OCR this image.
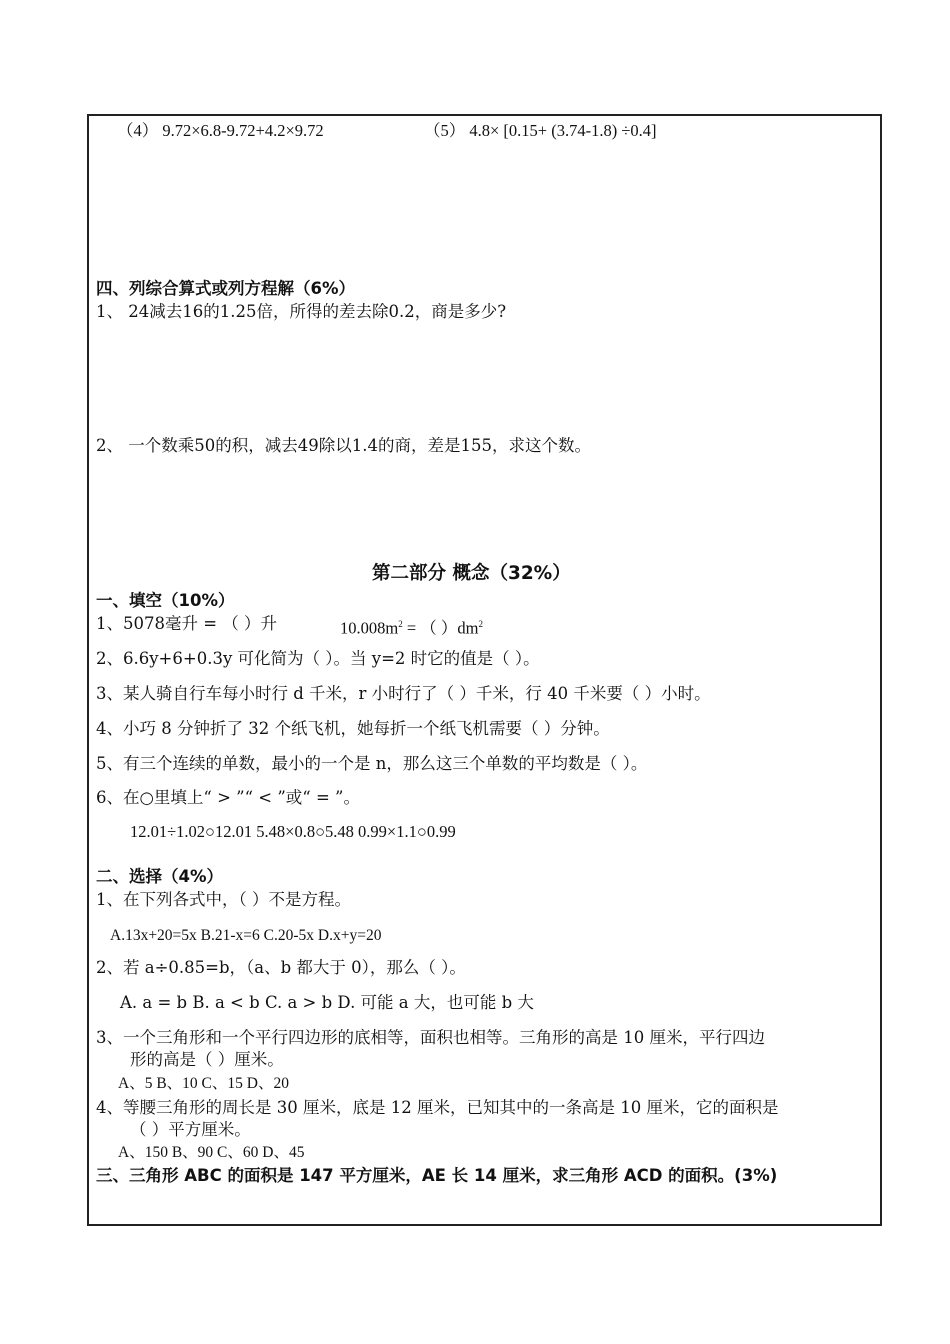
（4） 9.72×6.8-9.72+4.2×9.72	（5） 4.8× [0.15+ (3.74-1.8) ÷0.4]
四、列综合算式或列方程解（6%）
1、 24减去16的1.25倍，所得的差去除0.2，商是多少?
2、 一个数乘50的积，减去49除以1.4的商，差是155，求这个数。
第二部分 概念（32%）
一、填空（10%）
1、5078毫升 = （ ）升	$10.008m^2$ = （ ）$dm^2$
2、6.6y+6+0.3y 可化简为（ ）。当 y=2 时它的值是（ ）。
3、某人骑自行车每小时行 d 千米，r 小时行了（ ）千米，行 40 千米要（ ）小时。
4、小巧 8 分钟折了 32 个纸飞机，她每折一个纸飞机需要（ ）分钟。
5、有三个连续的单数，最小的一个是 n，那么这三个单数的平均数是（ ）。
6、在○里填上“ > ”“ < ”或“ = ”。
12.01÷1.02○12.01 5.48×0.8○5.48 0.99×1.1○0.99
二、选择（4%）
1、在下列各式中，（ ）不是方程。
A.13x+20=5x B.21-x=6 C.20-5x D.x+y=20
2、若 a÷0.85=b，（a、b 都大于 0），那么（ ）。
A. a = b B. a < b C. a > b D. 可能 a 大，也可能 b 大
3、一个三角形和一个平行四边形的底相等，面积也相等。三角形的高是 10 厘米，平行四边
形的高是（ ）厘米。
A、5 B、10 C、15 D、20
4、等腰三角形的周长是 30 厘米，底是 12 厘米，已知其中的一条高是 10 厘米，它的面积是
（ ）平方厘米。
A、150 B、90 C、60 D、45
三、三角形 ABC 的面积是 147 平方厘米，AE 长 14 厘米，求三角形 ACD 的面积。(3%)
